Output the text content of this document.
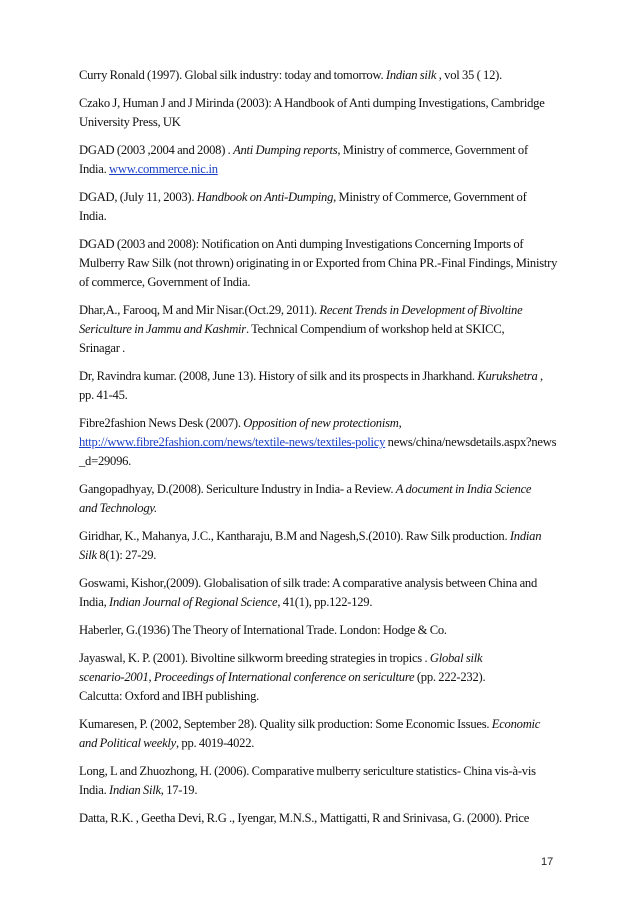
Curry Ronald (1997). Global silk industry: today and tomorrow. Indian silk , vol 35 ( 12).

Czako J, Human J and J Mirinda (2003): A Handbook of Anti dumping Investigations, Cambridge
University Press, UK

DGAD (2003 ,2004 and 2008) . Anti Dumping reports, Ministry of commerce, Government of
India. www.commerce.nic.in

DGAD, (July 11, 2003). Handbook on Anti-Dumping, Ministry of Commerce, Government of
India.

DGAD (2003 and 2008): Notification on Anti dumping Investigations Concerning Imports of
Mulberry Raw Silk (not thrown) originating in or Exported from China PR.-Final Findings, Ministry
of commerce, Government of India.

Dhar,A., Farooq, M and Mir Nisar.(Oct.29, 2011). Recent Trends in Development of Bivoltine
Sericulture in Jammu and Kashmir. Technical Compendium of workshop held at SKICC,
Srinagar .

Dr, Ravindra kumar. (2008, June 13). History of silk and its prospects in Jharkhand. Kurukshetra ,
pp. 41-45.

Fibre2fashion News Desk (2007). Opposition of new protectionism,
http://www.fibre2fashion.com/news/textile-news/textiles-policy news/china/newsdetails.aspx?news
_d=29096.

Gangopadhyay, D.(2008). Sericulture Industry in India- a Review. A document in India Science
and Technology.

Giridhar, K., Mahanya, J.C., Kantharaju, B.M and Nagesh,S.(2010). Raw Silk production. Indian
Silk 8(1): 27-29.

Goswami, Kishor,(2009). Globalisation of silk trade: A comparative analysis between China and
India, Indian Journal of Regional Science, 41(1), pp.122-129.

Haberler, G.(1936) The Theory of International Trade. London: Hodge & Co.

Jayaswal, K. P. (2001). Bivoltine silkworm breeding strategies in tropics . Global silk
scenario-2001, Proceedings of International conference on sericulture (pp. 222-232).
Calcutta: Oxford and IBH publishing.

Kumaresen, P. (2002, September 28). Quality silk production: Some Economic Issues. Economic
and Political weekly, pp. 4019-4022.

Long, L and Zhuozhong, H. (2006). Comparative mulberry sericulture statistics- China vis-à-vis
India. Indian Silk, 17-19.

Datta, R.K. , Geetha Devi, R.G ., Iyengar, M.N.S., Mattigatti, R and Srinivasa, G. (2000). Price

17
